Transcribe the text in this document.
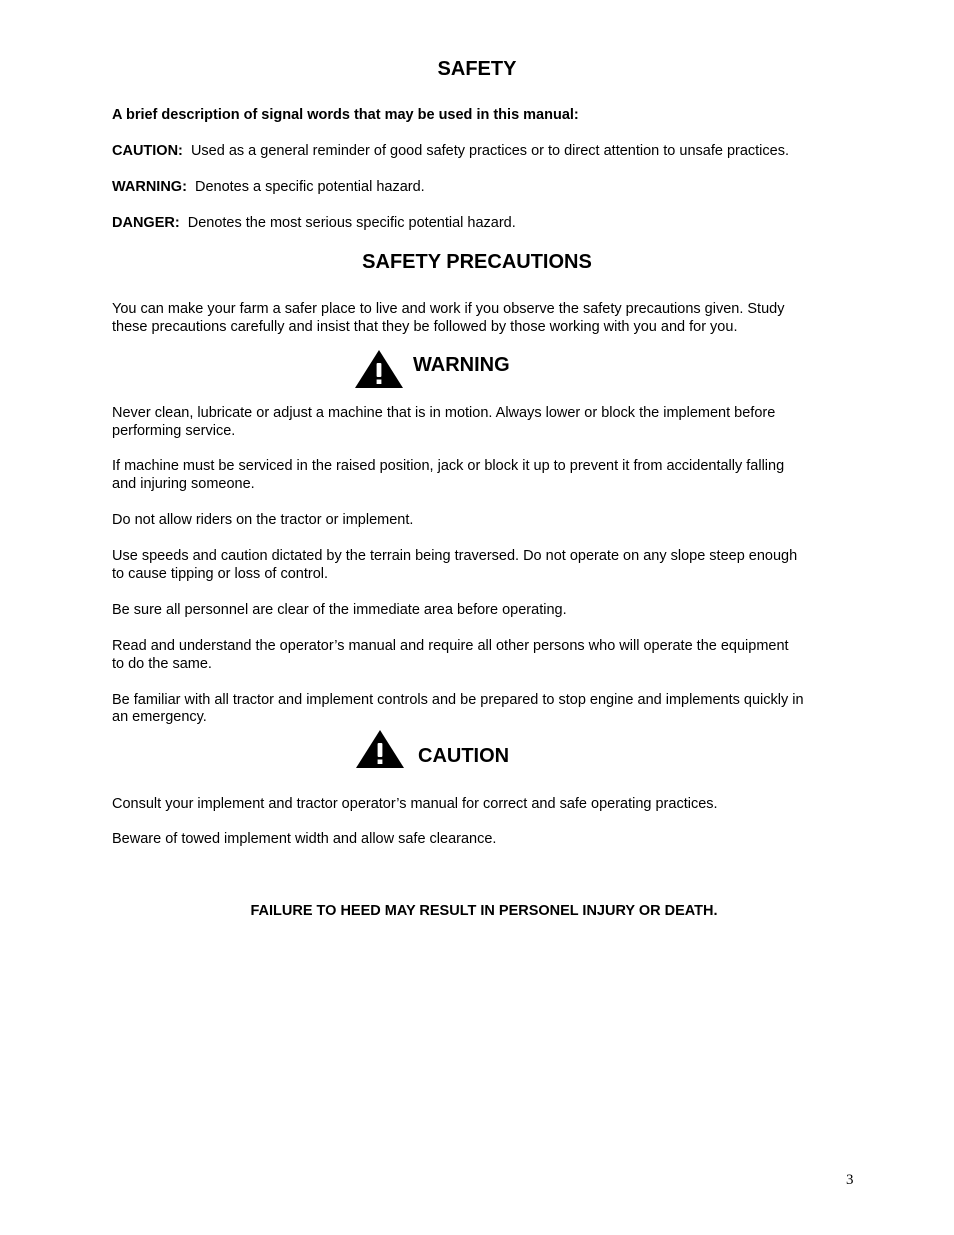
SAFETY
A brief description of signal words that may be used in this manual:
CAUTION: Used as a general reminder of good safety practices or to direct attention to unsafe practices.
WARNING: Denotes a specific potential hazard.
DANGER: Denotes the most serious specific potential hazard.
SAFETY PRECAUTIONS
You can make your farm a safer place to live and work if you observe the safety precautions given. Study
these precautions carefully and insist that they be followed by those working with you and for you.
WARNING
Never clean, lubricate or adjust a machine that is in motion. Always lower or block the implement before
performing service.
If machine must be serviced in the raised position, jack or block it up to prevent it from accidentally falling
and injuring someone.
Do not allow riders on the tractor or implement.
Use speeds and caution dictated by the terrain being traversed. Do not operate on any slope steep enough
to cause tipping or loss of control.
Be sure all personnel are clear of the immediate area before operating.
Read and understand the operator’s manual and require all other persons who will operate the equipment
to do the same.
Be familiar with all tractor and implement controls and be prepared to stop engine and implements quickly in
an emergency.
CAUTION
Consult your implement and tractor operator’s manual for correct and safe operating practices.
Beware of towed implement width and allow safe clearance.
FAILURE TO HEED MAY RESULT IN PERSONEL INJURY OR DEATH.
3
